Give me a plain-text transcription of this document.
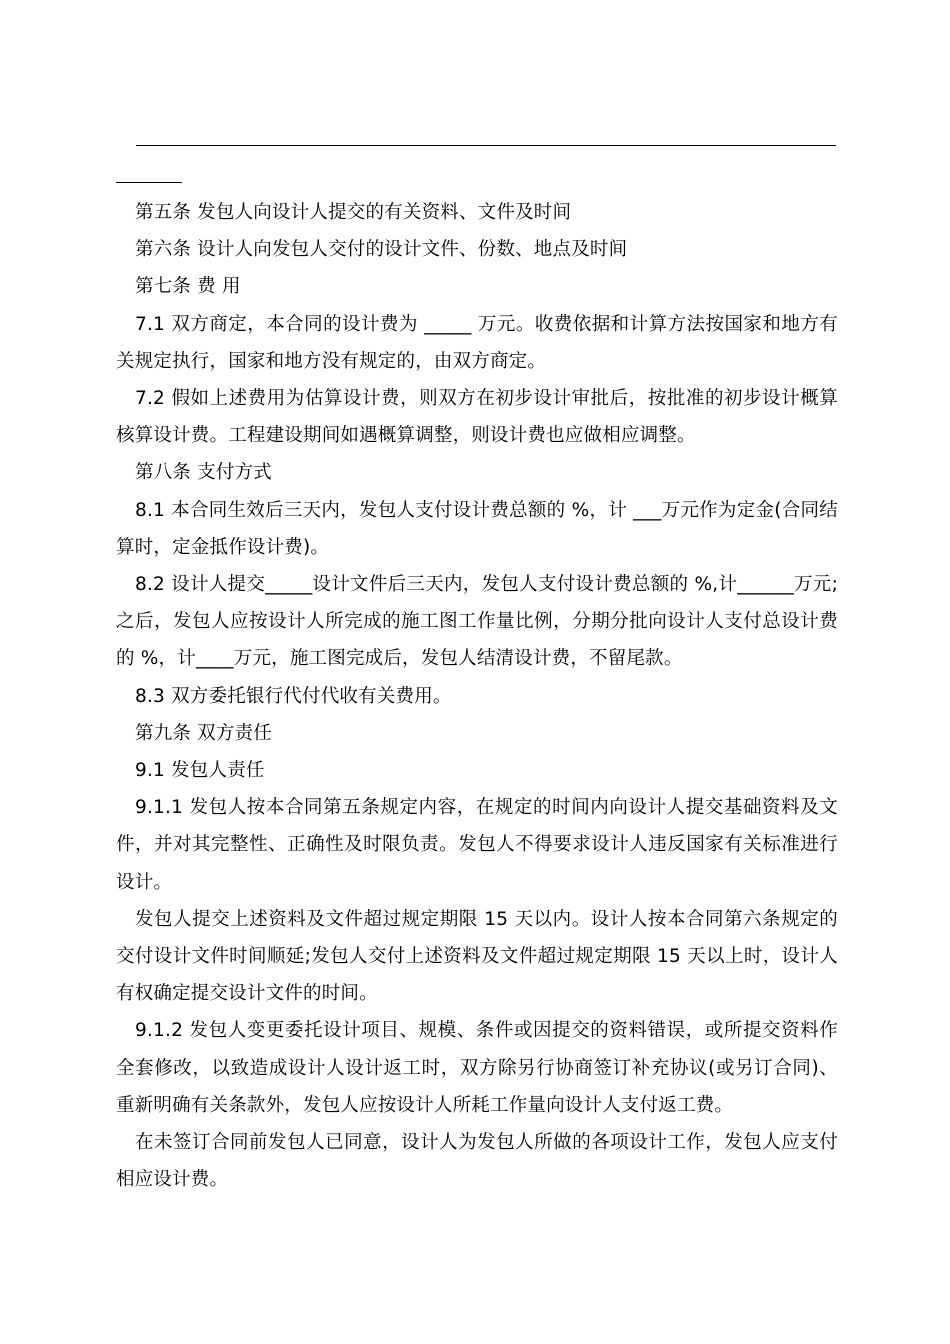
第五条 发包人向设计人提交的有关资料、文件及时间

第六条 设计人向发包人交付的设计文件、份数、地点及时间

第七条 费 用

7.1 双方商定，本合同的设计费为 _____ 万元。收费依据和计算方法按国家和地方有关规定执行，国家和地方没有规定的，由双方商定。

7.2 假如上述费用为估算设计费，则双方在初步设计审批后，按批准的初步设计概算核算设计费。工程建设期间如遇概算调整，则设计费也应做相应调整。

第八条 支付方式

8.1 本合同生效后三天内，发包人支付设计费总额的 %，计 ___万元作为定金(合同结算时，定金抵作设计费)。

8.2 设计人提交_____设计文件后三天内，发包人支付设计费总额的 %,计______万元;之后，发包人应按设计人所完成的施工图工作量比例，分期分批向设计人支付总设计费的 %，计____万元，施工图完成后，发包人结清设计费，不留尾款。

8.3 双方委托银行代付代收有关费用。

第九条 双方责任

9.1 发包人责任

9.1.1 发包人按本合同第五条规定内容，在规定的时间内向设计人提交基础资料及文件，并对其完整性、正确性及时限负责。发包人不得要求设计人违反国家有关标准进行设计。

发包人提交上述资料及文件超过规定期限 15 天以内。设计人按本合同第六条规定的交付设计文件时间顺延;发包人交付上述资料及文件超过规定期限 15 天以上时，设计人有权确定提交设计文件的时间。

9.1.2 发包人变更委托设计项目、规模、条件或因提交的资料错误，或所提交资料作全套修改，以致造成设计人设计返工时，双方除另行协商签订补充协议(或另订合同)、重新明确有关条款外，发包人应按设计人所耗工作量向设计人支付返工费。

在未签订合同前发包人已同意，设计人为发包人所做的各项设计工作，发包人应支付相应设计费。
